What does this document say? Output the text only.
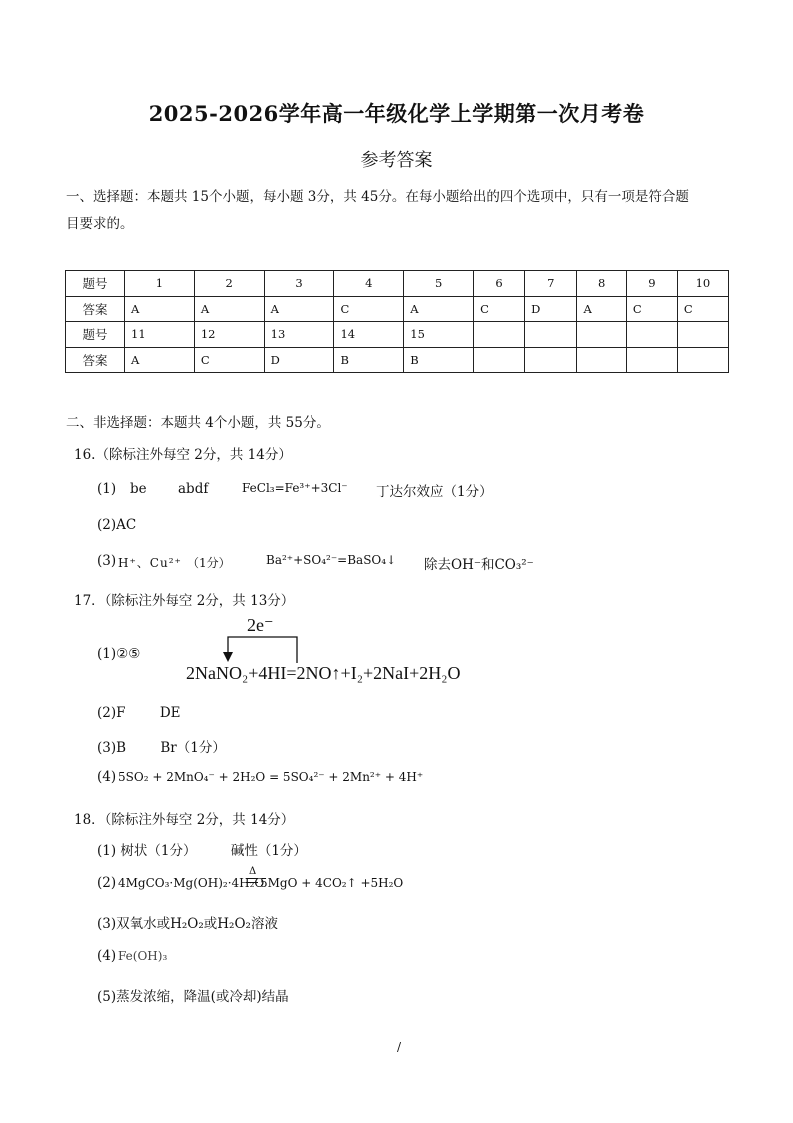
2025-2026学年高一年级化学上学期第一次月考卷
参考答案
一、选择题：本题共 15个小题，每小题 3分，共 45分。在每小题给出的四个选项中，只有一项是符合题
目要求的。
题号	1	2	3	4	5	6	7	8	9	10
答案	A	A	A	C	A	C	D	A	C	C
题号	11	12	13	14	15					
答案	A	C	D	B	B					
二、非选择题：本题共 4个小题，共 55分。
16.（除标注外每空 2分，共 14分）
(1) be abdf	FeCl₃=Fe³⁺+3Cl⁻ 丁达尔效应（1分）
(2)AC
(3) H⁺、Cu²⁺ （1分）	Ba²⁺+SO₄²⁻=BaSO₄↓ 除去OH⁻和CO₃²⁻
17．（除标注外每空 2分，共 13分）
(1)②⑤
2e⁻
2NaNO₂+4HI=2NO↑+I₂+2NaI+2H₂O
(2)F        DE
(3)B        Br（1分）
(4) 5SO₂ + 2MnO₄⁻ + 2H₂O = 5SO₄²⁻ + 2Mn²⁺ + 4H⁺
18．（除标注外每空 2分，共 14分）
(1) 树状（1分）        碱性（1分）
(2) 4MgCO₃·Mg(OH)₂·4H₂O
Δ
5MgO + 4CO₂↑ +5H₂O
(3)双氧水或H₂O₂或H₂O₂溶液
(4) Fe(OH)₃
(5)蒸发浓缩，降温(或冷却)结晶
/
